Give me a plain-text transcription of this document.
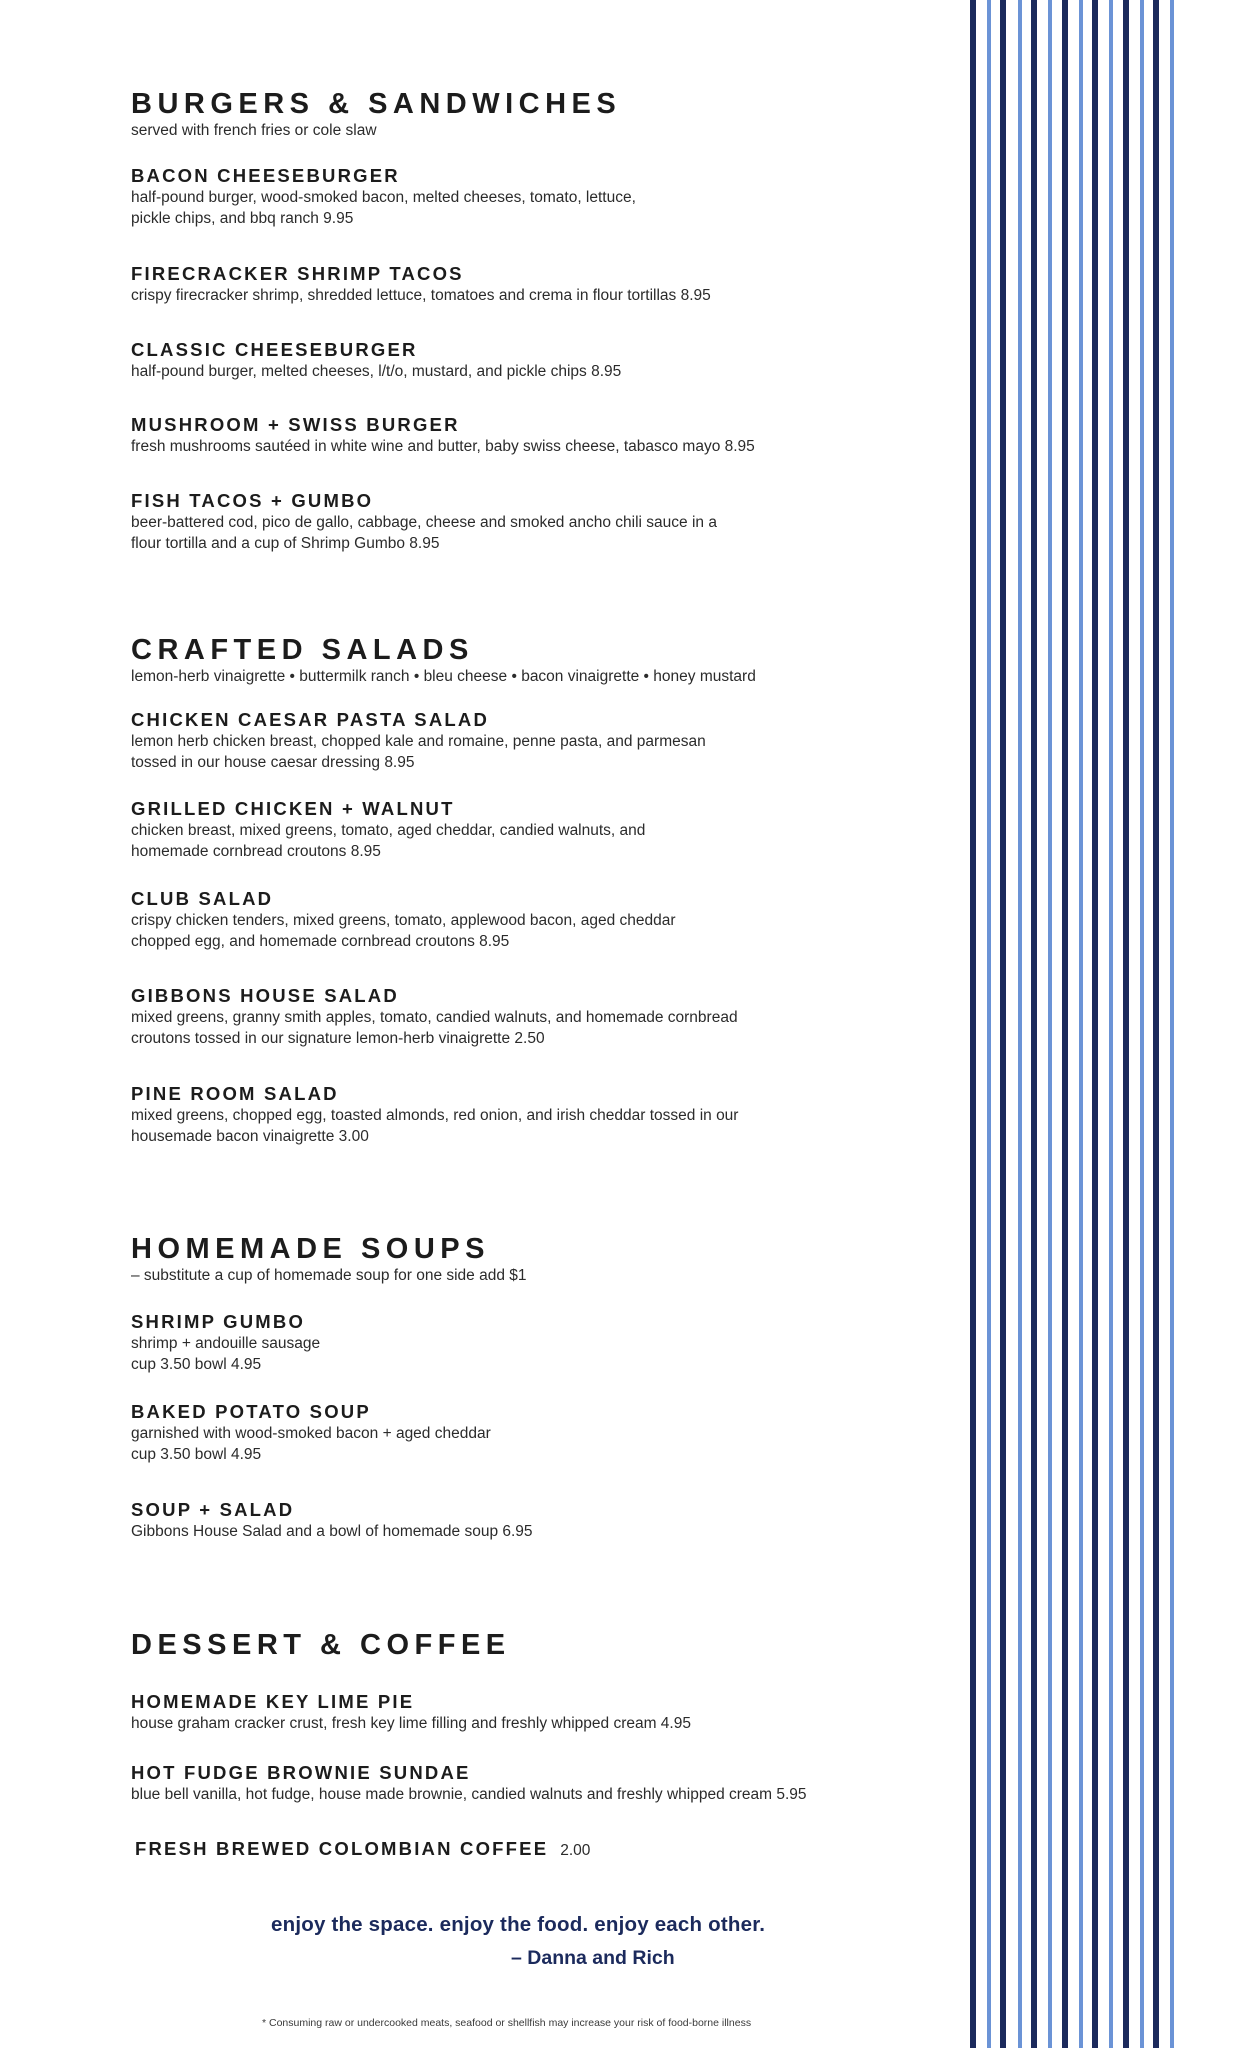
BURGERS & SANDWICHES
served with french fries or cole slaw
BACON CHEESEBURGER
half-pound burger, wood-smoked bacon, melted cheeses, tomato, lettuce,
pickle chips, and bbq ranch 9.95
FIRECRACKER SHRIMP TACOS
crispy firecracker shrimp, shredded lettuce, tomatoes and crema in flour tortillas 8.95
CLASSIC CHEESEBURGER
half-pound burger, melted cheeses, l/t/o, mustard, and pickle chips 8.95
MUSHROOM + SWISS BURGER
fresh mushrooms sautéed in white wine and butter, baby swiss cheese, tabasco mayo 8.95
FISH TACOS + GUMBO
beer-battered cod, pico de gallo, cabbage, cheese and smoked ancho chili sauce in a
flour tortilla and a cup of Shrimp Gumbo 8.95
CRAFTED SALADS
lemon-herb vinaigrette • buttermilk ranch • bleu cheese • bacon vinaigrette • honey mustard
CHICKEN CAESAR PASTA SALAD
lemon herb chicken breast, chopped kale and romaine, penne pasta, and parmesan
tossed in our house caesar dressing 8.95
GRILLED CHICKEN + WALNUT
chicken breast, mixed greens, tomato, aged cheddar, candied walnuts, and
homemade cornbread croutons 8.95
CLUB SALAD
crispy chicken tenders, mixed greens, tomato, applewood bacon, aged cheddar
chopped egg, and homemade cornbread croutons 8.95
GIBBONS HOUSE SALAD
mixed greens, granny smith apples, tomato, candied walnuts, and homemade cornbread
croutons tossed in our signature lemon-herb vinaigrette 2.50
PINE ROOM SALAD
mixed greens, chopped egg, toasted almonds, red onion, and irish cheddar tossed in our
housemade bacon vinaigrette 3.00
HOMEMADE SOUPS
– substitute a cup of homemade soup for one side add $1
SHRIMP GUMBO
shrimp + andouille sausage
cup 3.50 bowl 4.95
BAKED POTATO SOUP
garnished with wood-smoked bacon + aged cheddar
cup 3.50 bowl 4.95
SOUP + SALAD
Gibbons House Salad and a bowl of homemade soup 6.95
DESSERT & COFFEE
HOMEMADE KEY LIME PIE
house graham cracker crust, fresh key lime filling and freshly whipped cream 4.95
HOT FUDGE BROWNIE SUNDAE
blue bell vanilla, hot fudge, house made brownie, candied walnuts and freshly whipped cream 5.95
FRESH BREWED COLOMBIAN COFFEE 2.00
enjoy the space. enjoy the food. enjoy each other.
– Danna and Rich
* Consuming raw or undercooked meats, seafood or shellfish may increase your risk of food-borne illness
